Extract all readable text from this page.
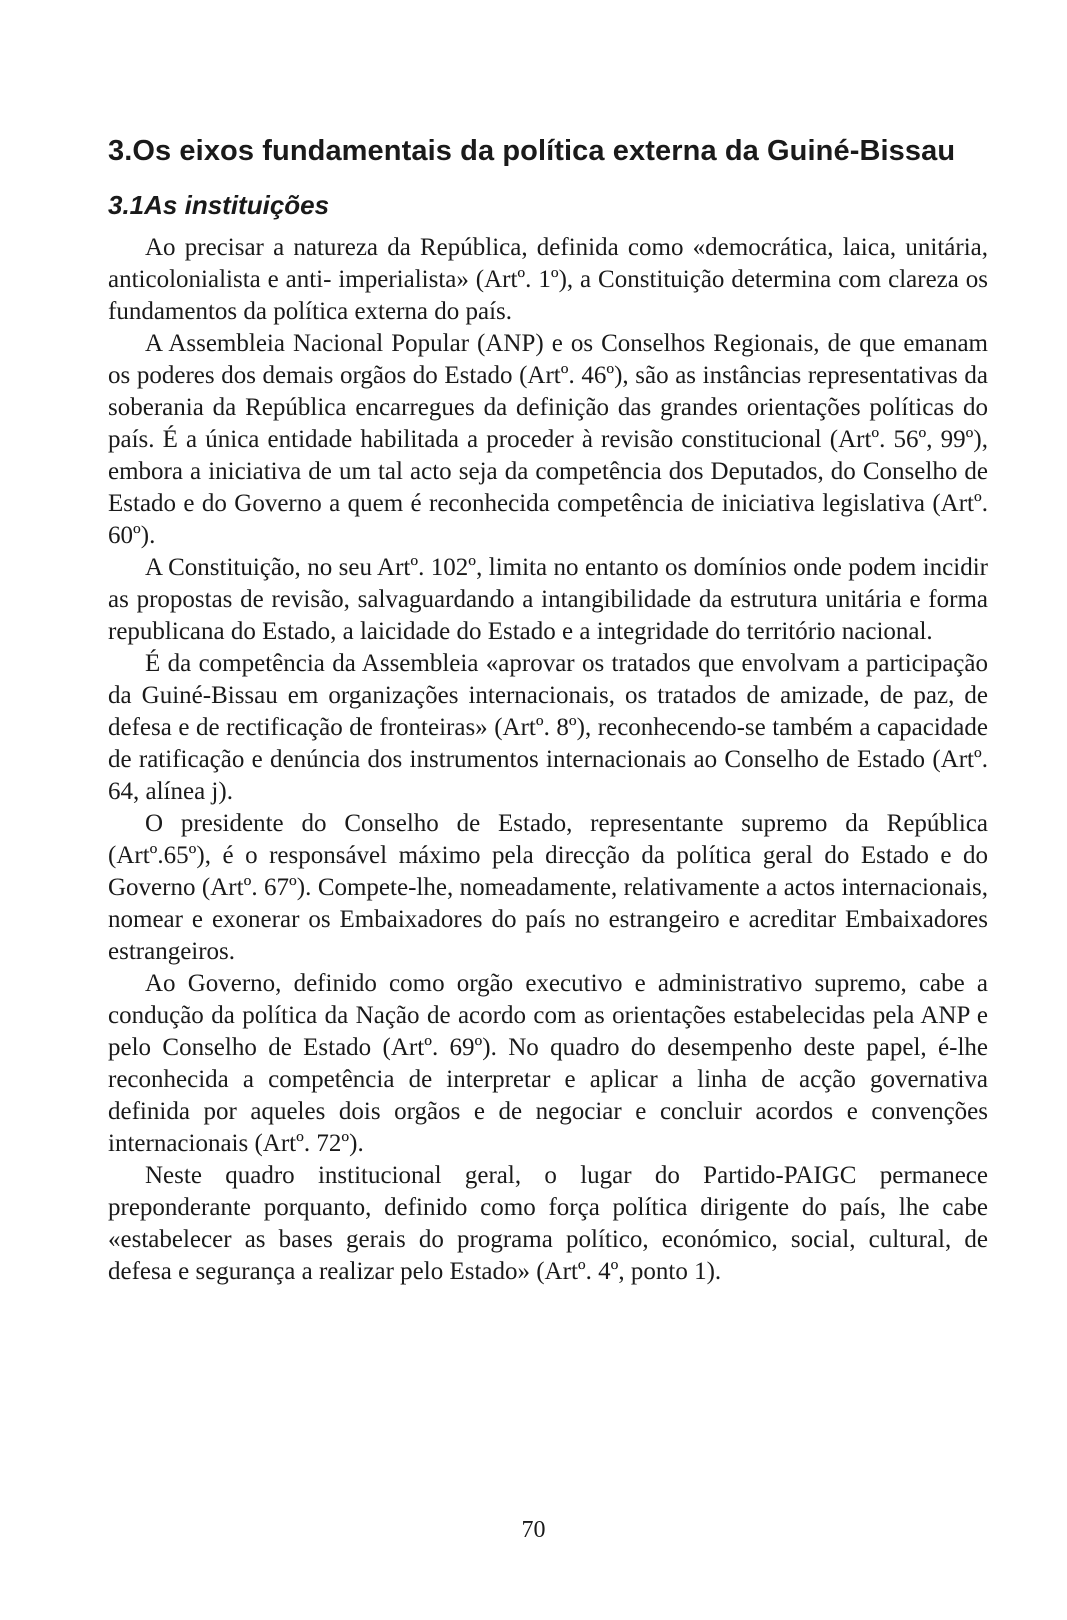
3.Os eixos fundamentais da política externa da Guiné-Bissau
3.1As instituições

Ao precisar a natureza da República, definida como «democrática, laica, unitária, anticolonialista e anti- imperialista» (Artº. 1º), a Constituição determina com clareza os fundamentos da política externa do país.

A Assembleia Nacional Popular (ANP) e os Conselhos Regionais, de que emanam os poderes dos demais orgãos do Estado (Artº. 46º), são as instâncias representativas da soberania da República encarregues da definição das grandes orientações políticas do país. É a única entidade habilitada a proceder à revisão constitucional (Artº. 56º, 99º), embora a iniciativa de um tal acto seja da competência dos Deputados, do Conselho de Estado e do Governo a quem é reconhecida competência de iniciativa legislativa (Artº. 60º).

A Constituição, no seu Artº. 102º, limita no entanto os domínios onde podem incidir as propostas de revisão, salvaguardando a intangibilidade da estrutura unitária e forma republicana do Estado, a laicidade do Estado e a integridade do território nacional.

É da competência da Assembleia «aprovar os tratados que envolvam a participação da Guiné-Bissau em organizações internacionais, os tratados de amizade, de paz, de defesa e de rectificação de fronteiras» (Artº. 8º), reconhecendo-se também a capacidade de ratificação e denúncia dos instrumentos internacionais ao Conselho de Estado (Artº. 64, alínea j).

O presidente do Conselho de Estado, representante supremo da República (Artº.65º), é o responsável máximo pela direcção da política geral do Estado e do Governo (Artº. 67º). Compete-lhe, nomeadamente, relativamente a actos internacionais, nomear e exonerar os Embaixadores do país no estrangeiro e acreditar Embaixadores estrangeiros.

Ao Governo, definido como orgão executivo e administrativo supremo, cabe a condução da política da Nação de acordo com as orientações estabelecidas pela ANP e pelo Conselho de Estado (Artº. 69º). No quadro do desempenho deste papel, é-lhe reconhecida a competência de interpretar e aplicar a linha de acção governativa definida por aqueles dois orgãos e de negociar e concluir acordos e convenções internacionais (Artº. 72º).

Neste quadro institucional geral, o lugar do Partido-PAIGC permanece preponderante porquanto, definido como força política dirigente do país, lhe cabe «estabelecer as bases gerais do programa político, económico, social, cultural, de defesa e segurança a realizar pelo Estado» (Artº. 4º, ponto 1).

70
